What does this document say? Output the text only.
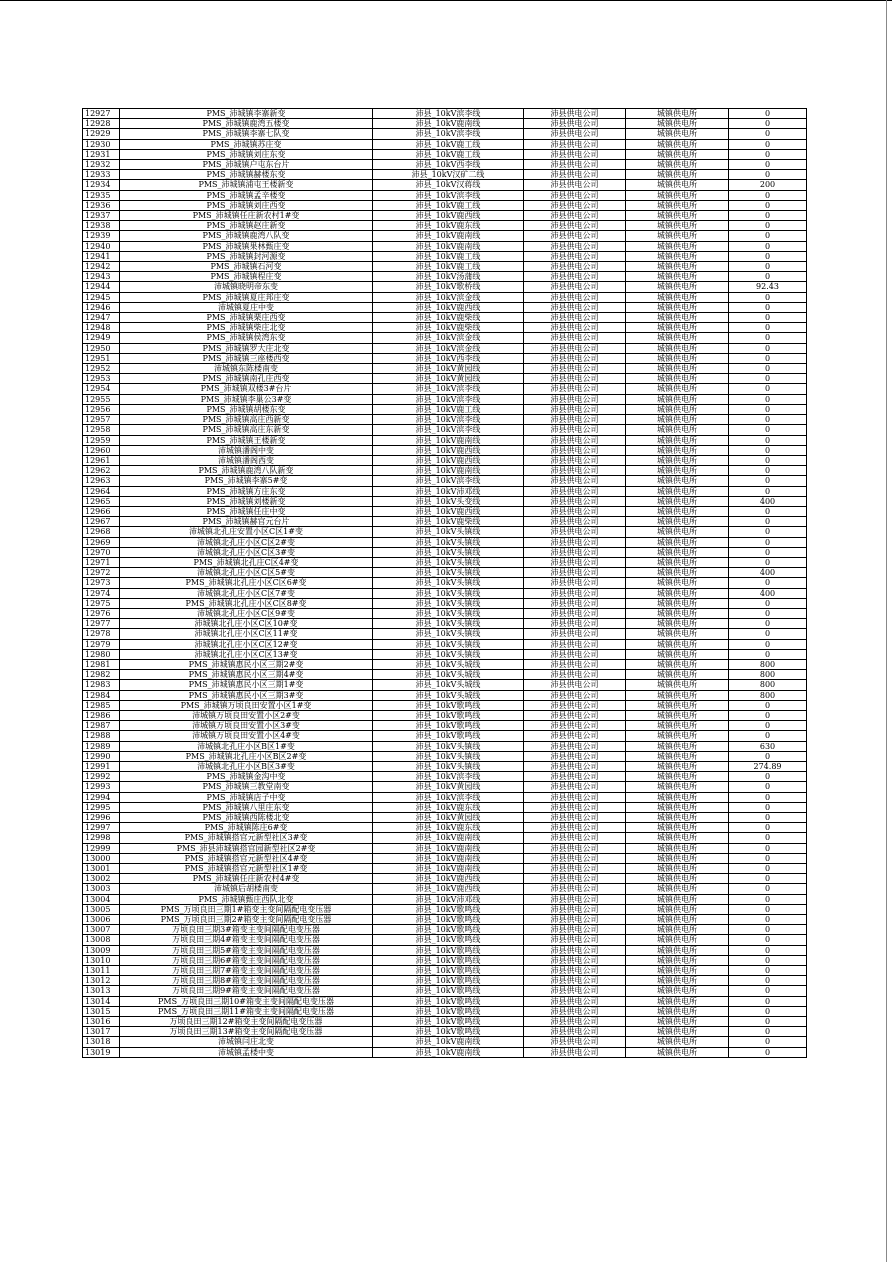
12927	PMS_沛城镇李寨新变	沛县_10kV滨李线	沛县供电公司	城镇供电所	0
12928	PMS_沛城镇鹿湾五楼变	沛县_10kV鹿南线	沛县供电公司	城镇供电所	0
12929	PMS_沛城镇李寨七队变	沛县_10kV滨李线	沛县供电公司	城镇供电所	0
12930	PMS_沛城镇苏庄变	沛县_10kV鹿工线	沛县供电公司	城镇供电所	0
12931	PMS_沛城镇刘庄东变	沛县_10kV鹿工线	沛县供电公司	城镇供电所	0
12932	PMS_沛城镇户屯东台片	沛县_10kV西李线	沛县供电公司	城镇供电所	0
12933	PMS_沛城镇赫楼东变	沛县_10kV汉矿二线	沛县供电公司	城镇供电所	0
12934	PMS_沛城镇浦屯王楼新变	沛县_10kV汉蒋线	沛县供电公司	城镇供电所	200
12935	PMS_沛城镇孟辛楼变	沛县_10kV滨李线	沛县供电公司	城镇供电所	0
12936	PMS_沛城镇刘庄西变	沛县_10kV鹿工线	沛县供电公司	城镇供电所	0
12937	PMS_沛城镇任庄新农村1#变	沛县_10kV鹿西线	沛县供电公司	城镇供电所	0
12938	PMS_沛城镇赵庄新变	沛县_10kV鹿东线	沛县供电公司	城镇供电所	0
12939	PMS_沛城镇鹿湾八队变	沛县_10kV鹿南线	沛县供电公司	城镇供电所	0
12940	PMS_沛城镇果林甄庄变	沛县_10kV鹿南线	沛县供电公司	城镇供电所	0
12941	PMS_沛城镇封河源变	沛县_10kV鹿工线	沛县供电公司	城镇供电所	0
12942	PMS_沛城镇石河变	沛县_10kV鹿工线	沛县供电公司	城镇供电所	0
12943	PMS_沛城镇程庄变	沛县_10kV汤蒲线	沛县供电公司	城镇供电所	0
12944	沛城镇晓明帝东变	沛县_10kV歌桥线	沛县供电公司	城镇供电所	92.43
12945	PMS_沛城镇夏庄邦庄变	沛县_10kV滨金线	沛县供电公司	城镇供电所	0
12946	沛城镇夏庄中变	沛县_10kV鹿西线	沛县供电公司	城镇供电所	0
12947	PMS_沛城镇栗庄西变	沛县_10kV鹿柴线	沛县供电公司	城镇供电所	0
12948	PMS_沛城镇柴庄北变	沛县_10kV鹿柴线	沛县供电公司	城镇供电所	0
12949	PMS_沛城镇侯湾东变	沛县_10kV滨金线	沛县供电公司	城镇供电所	0
12950	PMS_沛城镇罗大庄北变	沛县_10kV滨金线	沛县供电公司	城镇供电所	0
12951	PMS_沛城镇三座楼西变	沛县_10kV西李线	沛县供电公司	城镇供电所	0
12952	沛城镇东陈楼南变	沛县_10kV黄园线	沛县供电公司	城镇供电所	0
12953	PMS_沛城镇南孔庄西变	沛县_10kV黄园线	沛县供电公司	城镇供电所	0
12954	PMS_沛城镇双楼3#台片	沛县_10kV滨李线	沛县供电公司	城镇供电所	0
12955	PMS_沛城镇李巢公3#变	沛县_10kV滨李线	沛县供电公司	城镇供电所	0
12956	PMS_沛城镇胡楼东变	沛县_10kV鹿工线	沛县供电公司	城镇供电所	0
12957	PMS_沛城镇高庄西新变	沛县_10kV滨李线	沛县供电公司	城镇供电所	0
12958	PMS_沛城镇高庄东新变	沛县_10kV滨李线	沛县供电公司	城镇供电所	0
12959	PMS_沛城镇王楼新变	沛县_10kV鹿南线	沛县供电公司	城镇供电所	0
12960	沛城镇潘阁中变	沛县_10kV鹿西线	沛县供电公司	城镇供电所	0
12961	沛城镇潘阁西变	沛县_10kV鹿西线	沛县供电公司	城镇供电所	0
12962	PMS_沛城镇鹿湾八队新变	沛县_10kV鹿南线	沛县供电公司	城镇供电所	0
12963	PMS_沛城镇李寨5#变	沛县_10kV滨李线	沛县供电公司	城镇供电所	0
12964	PMS_沛城镇方庄东变	沛县_10kV沛邓线	沛县供电公司	城镇供电所	0
12965	PMS_沛城镇刘楼新变	沛县_10kV头变线	沛县供电公司	城镇供电所	400
12966	PMS_沛城镇任庄中变	沛县_10kV鹿西线	沛县供电公司	城镇供电所	0
12967	PMS_沛城镇赫官元台片	沛县_10kV鹿柴线	沛县供电公司	城镇供电所	0
12968	沛城镇北孔庄安置小区C区1#变	沛县_10kV头镇线	沛县供电公司	城镇供电所	0
12969	沛城镇北孔庄小区C区2#变	沛县_10kV头镇线	沛县供电公司	城镇供电所	0
12970	沛城镇北孔庄小区C区3#变	沛县_10kV头镇线	沛县供电公司	城镇供电所	0
12971	PMS_沛城镇北孔庄C区4#变	沛县_10kV头镇线	沛县供电公司	城镇供电所	0
12972	沛城镇北孔庄小区C区5#变	沛县_10kV头镇线	沛县供电公司	城镇供电所	400
12973	PMS_沛城镇北孔庄小区C区6#变	沛县_10kV头镇线	沛县供电公司	城镇供电所	0
12974	沛城镇北孔庄小区C区7#变	沛县_10kV头镇线	沛县供电公司	城镇供电所	400
12975	PMS_沛城镇北孔庄小区C区8#变	沛县_10kV头镇线	沛县供电公司	城镇供电所	0
12976	沛城镇北孔庄小区C区9#变	沛县_10kV头镇线	沛县供电公司	城镇供电所	0
12977	沛城镇北孔庄小区C区10#变	沛县_10kV头镇线	沛县供电公司	城镇供电所	0
12978	沛城镇北孔庄小区C区11#变	沛县_10kV头镇线	沛县供电公司	城镇供电所	0
12979	沛城镇北孔庄小区C区12#变	沛县_10kV头镇线	沛县供电公司	城镇供电所	0
12980	沛城镇北孔庄小区C区13#变	沛县_10kV头镇线	沛县供电公司	城镇供电所	0
12981	PMS_沛城镇惠民小区三期2#变	沛县_10kV头城线	沛县供电公司	城镇供电所	800
12982	PMS_沛城镇惠民小区三期4#变	沛县_10kV头城线	沛县供电公司	城镇供电所	800
12983	PMS_沛城镇惠民小区三期1#变	沛县_10kV头城线	沛县供电公司	城镇供电所	800
12984	PMS_沛城镇惠民小区三期3#变	沛县_10kV头城线	沛县供电公司	城镇供电所	800
12985	PMS_沛城镇万顷良田安置小区1#变	沛县_10kV歌鸣线	沛县供电公司	城镇供电所	0
12986	沛城镇万顷良田安置小区2#变	沛县_10kV歌鸣线	沛县供电公司	城镇供电所	0
12987	沛城镇万顷良田安置小区3#变	沛县_10kV歌鸣线	沛县供电公司	城镇供电所	0
12988	沛城镇万顷良田安置小区4#变	沛县_10kV歌鸣线	沛县供电公司	城镇供电所	0
12989	沛城镇北孔庄小区B区1#变	沛县_10kV头镇线	沛县供电公司	城镇供电所	630
12990	PMS_沛城镇北孔庄小区B区2#变	沛县_10kV头镇线	沛县供电公司	城镇供电所	0
12991	沛城镇北孔庄小区B区3#变	沛县_10kV头镇线	沛县供电公司	城镇供电所	274.89
12992	PMS_沛城镇金沟中变	沛县_10kV滨李线	沛县供电公司	城镇供电所	0
12993	PMS_沛城镇三教堂南变	沛县_10kV黄园线	沛县供电公司	城镇供电所	0
12994	PMS_沛城镇店子中变	沛县_10kV滨李线	沛县供电公司	城镇供电所	0
12995	PMS_沛城镇八里庄东变	沛县_10kV鹿东线	沛县供电公司	城镇供电所	0
12996	PMS_沛城镇西陈楼北变	沛县_10kV黄园线	沛县供电公司	城镇供电所	0
12997	PMS_沛城镇陈庄6#变	沛县_10kV鹿东线	沛县供电公司	城镇供电所	0
12998	PMS_沛城镇搭官元新型社区3#变	沛县_10kV鹿南线	沛县供电公司	城镇供电所	0
12999	PMS_沛县沛城镇搭官园新型社区2#变	沛县_10kV鹿南线	沛县供电公司	城镇供电所	0
13000	PMS_沛城镇搭官元新型社区4#变	沛县_10kV鹿南线	沛县供电公司	城镇供电所	0
13001	PMS_沛城镇搭官元新型社区1#变	沛县_10kV鹿南线	沛县供电公司	城镇供电所	0
13002	PMS_沛城镇任庄新农村4#变	沛县_10kV鹿西线	沛县供电公司	城镇供电所	0
13003	沛城镇后胡楼南变	沛县_10kV鹿西线	沛县供电公司	城镇供电所	0
13004	PMS_沛城镇甄庄西队北变	沛县_10kV沛邓线	沛县供电公司	城镇供电所	0
13005	PMS_万顷良田三期1#箱变主变间隔配电变压器	沛县_10kV歌鸣线	沛县供电公司	城镇供电所	0
13006	PMS_万顷良田三期2#箱变主变间隔配电变压器	沛县_10kV歌鸣线	沛县供电公司	城镇供电所	0
13007	万顷良田三期3#箱变主变间隔配电变压器	沛县_10kV歌鸣线	沛县供电公司	城镇供电所	0
13008	万顷良田三期4#箱变主变间隔配电变压器	沛县_10kV歌鸣线	沛县供电公司	城镇供电所	0
13009	万顷良田三期5#箱变主变间隔配电变压器	沛县_10kV歌鸣线	沛县供电公司	城镇供电所	0
13010	万顷良田三期6#箱变主变间隔配电变压器	沛县_10kV歌鸣线	沛县供电公司	城镇供电所	0
13011	万顷良田三期7#箱变主变间隔配电变压器	沛县_10kV歌鸣线	沛县供电公司	城镇供电所	0
13012	万顷良田三期8#箱变主变间隔配电变压器	沛县_10kV歌鸣线	沛县供电公司	城镇供电所	0
13013	万顷良田三期9#箱变主变间隔配电变压器	沛县_10kV歌鸣线	沛县供电公司	城镇供电所	0
13014	PMS_万顷良田三期10#箱变主变间隔配电变压器	沛县_10kV歌鸣线	沛县供电公司	城镇供电所	0
13015	PMS_万顷良田三期11#箱变主变间隔配电变压器	沛县_10kV歌鸣线	沛县供电公司	城镇供电所	0
13016	万顷良田三期12#箱变主变间隔配电变压器	沛县_10kV歌鸣线	沛县供电公司	城镇供电所	0
13017	万顷良田三期13#箱变主变间隔配电变压器	沛县_10kV歌鸣线	沛县供电公司	城镇供电所	0
13018	沛城镇闫庄北变	沛县_10kV鹿南线	沛县供电公司	城镇供电所	0
13019	沛城镇孟楼中变	沛县_10kV鹿南线	沛县供电公司	城镇供电所	0
